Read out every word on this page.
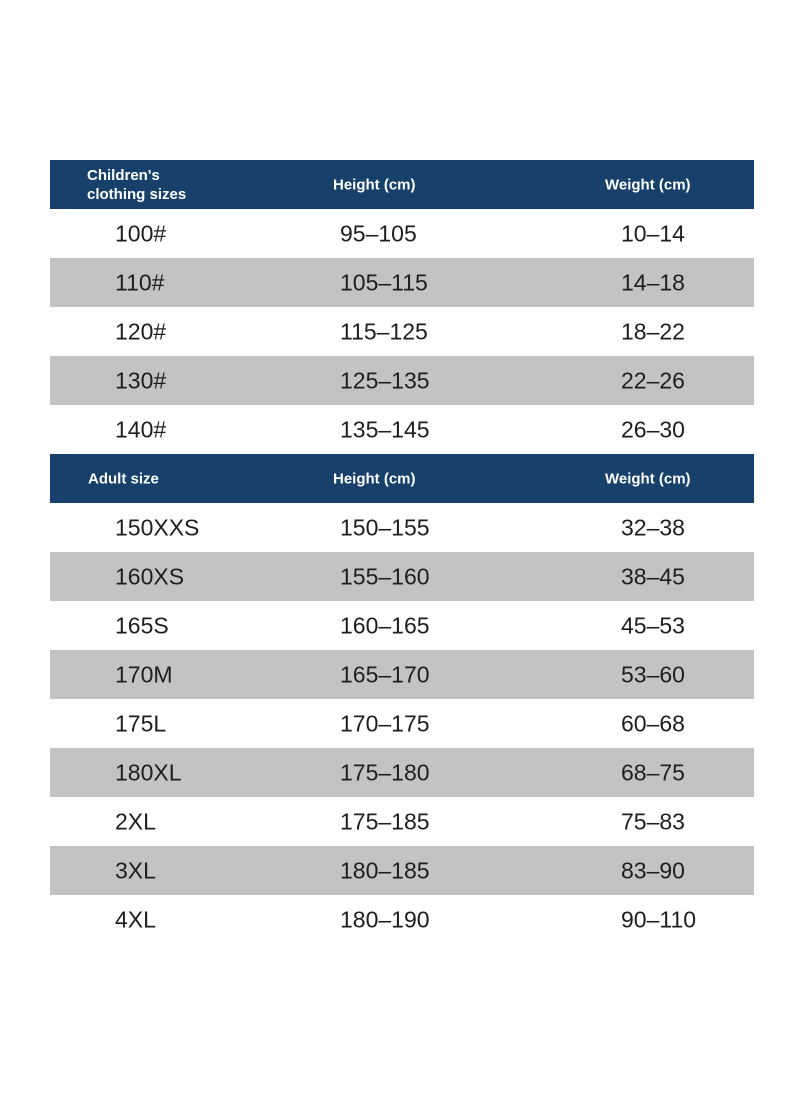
Children's
clothing sizes
Height (cm)	Weight (cm)
100#	95–105	10–14
110#	105–115	14–18
120#	115–125	18–22
130#	125–135	22–26
140#	135–145	26–30
Adult size	Height (cm)	Weight (cm)
150XXS	150–155	32–38
160XS	155–160	38–45
165S	160–165	45–53
170M	165–170	53–60
175L	170–175	60–68
180XL	175–180	68–75
2XL	175–185	75–83
3XL	180–185	83–90
4XL	180–190	90–110
